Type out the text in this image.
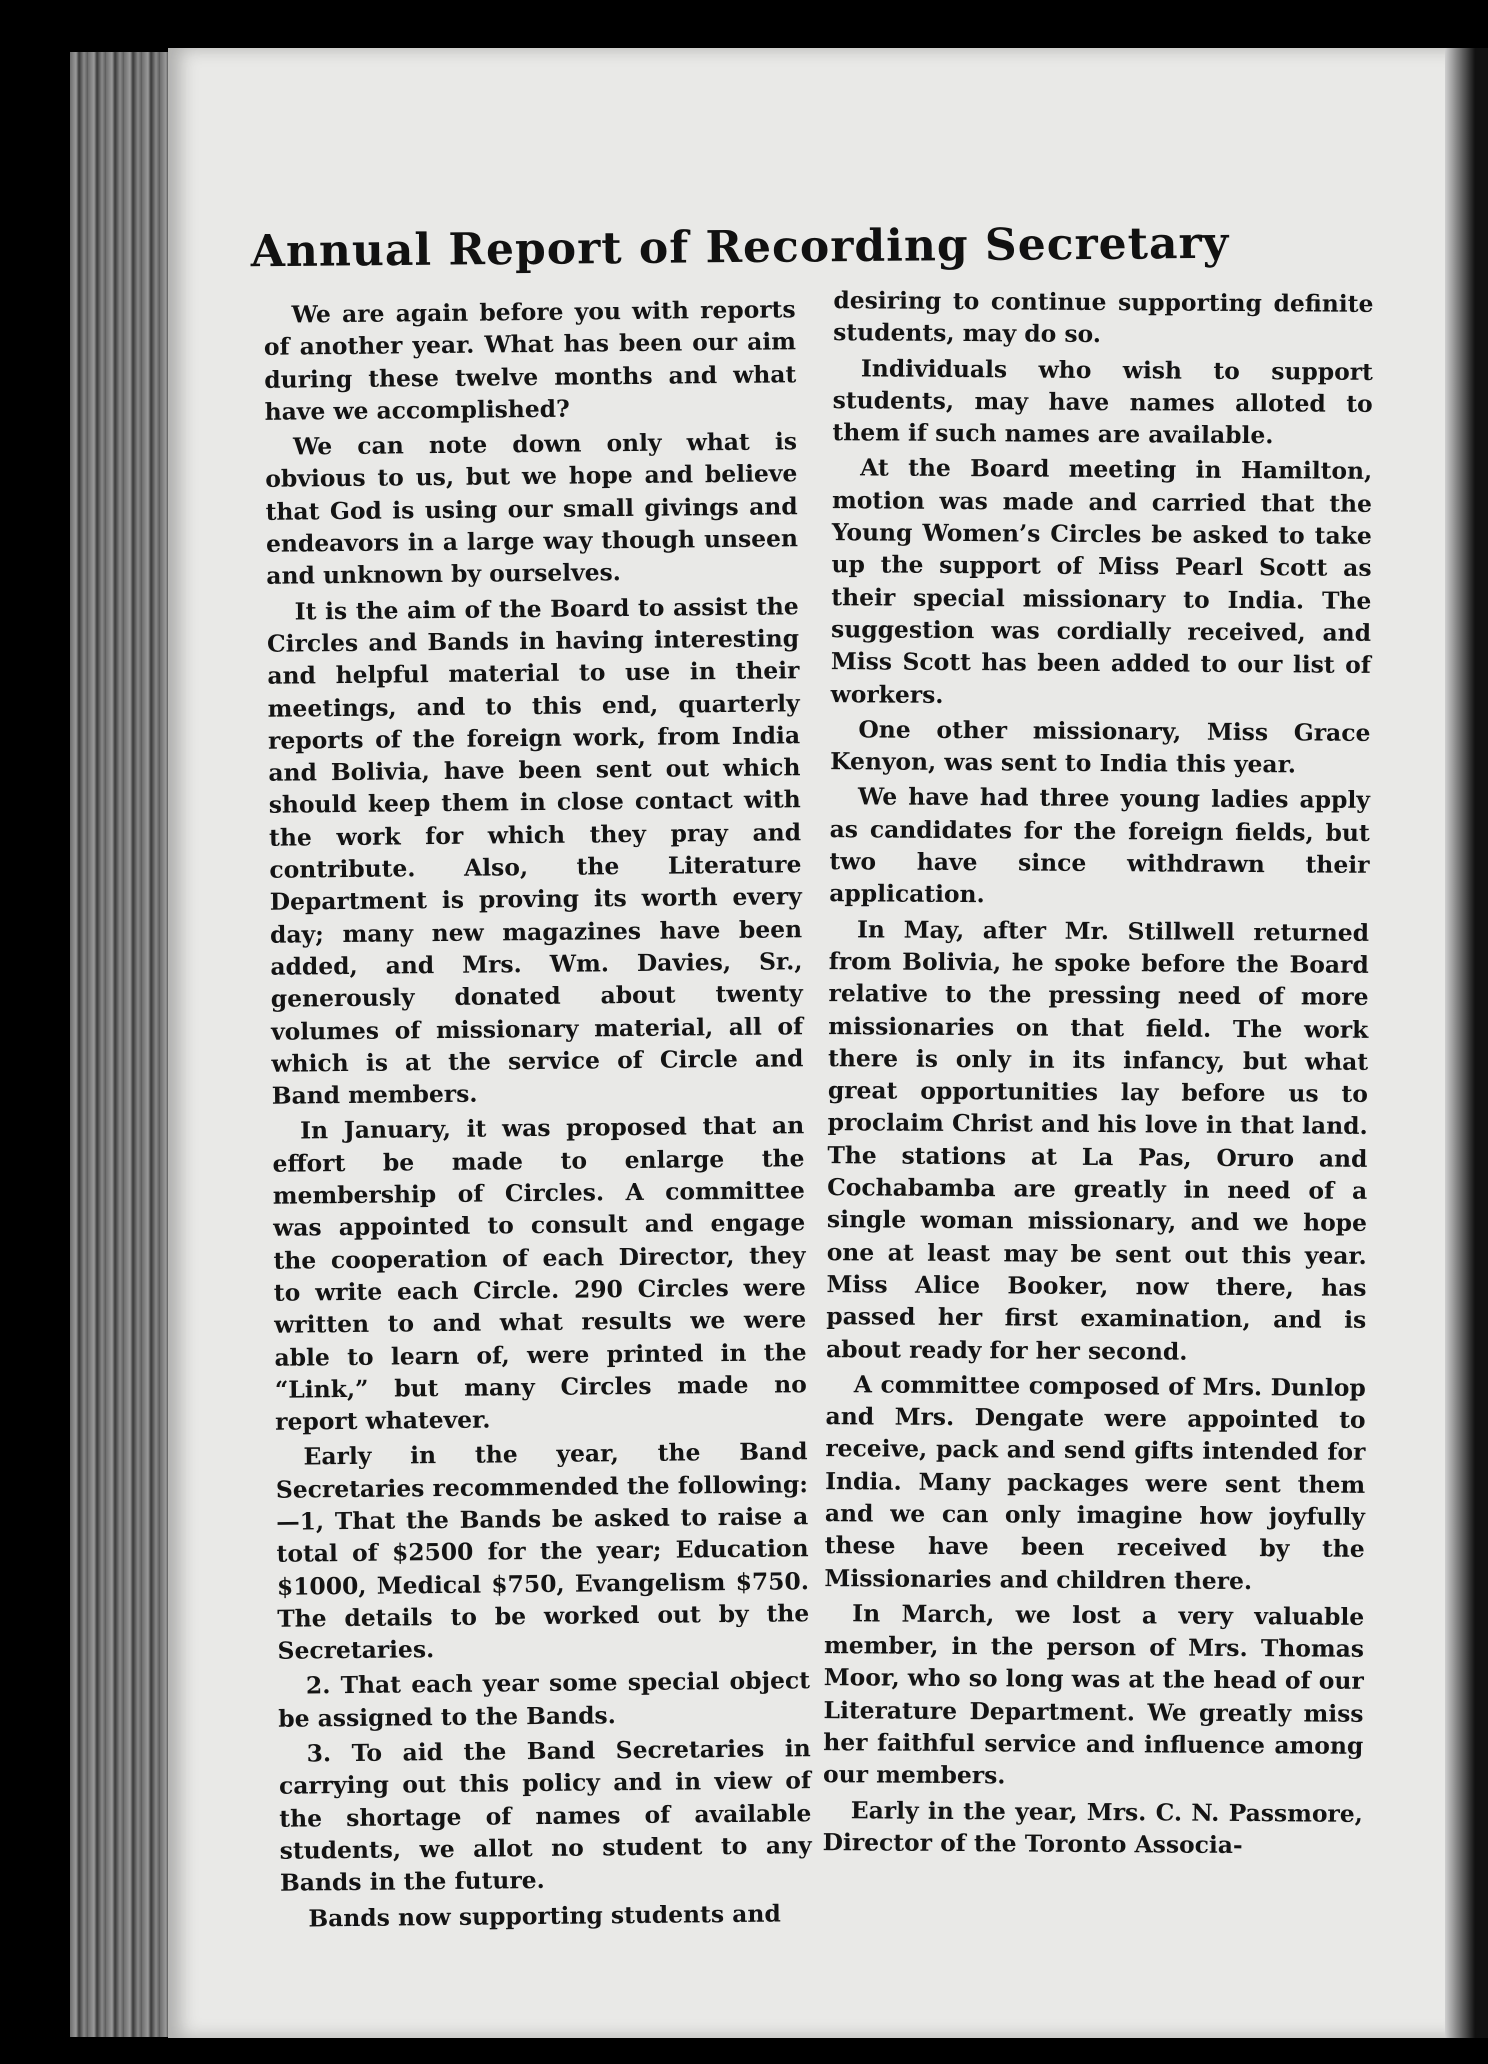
Annual Report of Recording Secretary

We are again before you with reports of another year. What has been our aim during these twelve months and what have we accomplished?

We can note down only what is obvious to us, but we hope and believe that God is using our small givings and endeavors in a large way though unseen and unknown by ourselves.

It is the aim of the Board to assist the Circles and Bands in having interesting and helpful material to use in their meetings, and to this end, quarterly reports of the foreign work, from India and Bolivia, have been sent out which should keep them in close contact with the work for which they pray and contribute. Also, the Literature Department is proving its worth every day; many new magazines have been added, and Mrs. Wm. Davies, Sr., generously donated about twenty volumes of missionary material, all of which is at the service of Circle and Band members.

In January, it was proposed that an effort be made to enlarge the membership of Circles. A committee was appointed to consult and engage the cooperation of each Director, they to write each Circle. 290 Circles were written to and what results we were able to learn of, were printed in the “Link,” but many Circles made no report whatever.

Early in the year, the Band Secretaries recommended the following:—1, That the Bands be asked to raise a total of $2500 for the year; Education $1000, Medical $750, Evangelism $750. The details to be worked out by the Secretaries.

2. That each year some special object be assigned to the Bands.

3. To aid the Band Secretaries in carrying out this policy and in view of the shortage of names of available students, we allot no student to any Bands in the future.

Bands now supporting students and

desiring to continue supporting definite students, may do so.

Individuals who wish to support students, may have names alloted to them if such names are available.

At the Board meeting in Hamilton, motion was made and carried that the Young Women’s Circles be asked to take up the support of Miss Pearl Scott as their special missionary to India. The suggestion was cordially received, and Miss Scott has been added to our list of workers.

One other missionary, Miss Grace Kenyon, was sent to India this year.

We have had three young ladies apply as candidates for the foreign fields, but two have since withdrawn their application.

In May, after Mr. Stillwell returned from Bolivia, he spoke before the Board relative to the pressing need of more missionaries on that field. The work there is only in its infancy, but what great opportunities lay before us to proclaim Christ and his love in that land. The stations at La Pas, Oruro and Cochabamba are greatly in need of a single woman missionary, and we hope one at least may be sent out this year. Miss Alice Booker, now there, has passed her first examination, and is about ready for her second.

A committee composed of Mrs. Dunlop and Mrs. Dengate were appointed to receive, pack and send gifts intended for India. Many packages were sent them and we can only imagine how joyfully these have been received by the Missionaries and children there.

In March, we lost a very valuable member, in the person of Mrs. Thomas Moor, who so long was at the head of our Literature Department. We greatly miss her faithful service and influence among our members.

Early in the year, Mrs. C. N. Passmore, Director of the Toronto Associa-
